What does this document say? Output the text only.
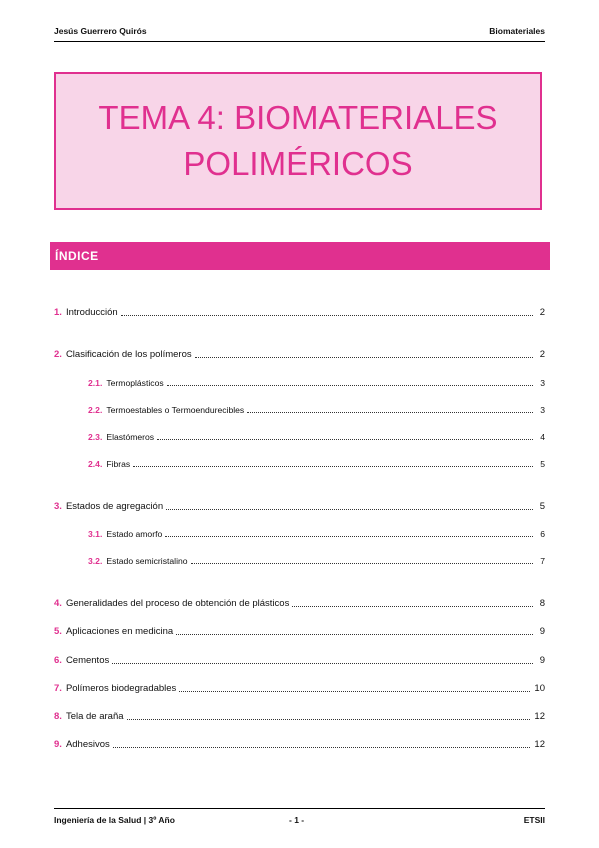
Jesús Guerrero Quirós	Biomateriales
TEMA 4: BIOMATERIALES
POLIMÉRICOS
ÍNDICE
1. Introducción	2
2. Clasificación de los polímeros	2
2.1. Termoplásticos	3
2.2. Termoestables o Termoendurecibles	3
2.3. Elastómeros	4
2.4. Fibras	5
3. Estados de agregación	5
3.1. Estado amorfo	6
3.2. Estado semicristalino	7
4. Generalidades del proceso de obtención de plásticos	8
5. Aplicaciones en medicina	9
6. Cementos	9
7. Polímeros biodegradables	10
8. Tela de araña	12
9. Adhesivos	12
Ingeniería de la Salud | 3º Año	- 1 -	ETSII
